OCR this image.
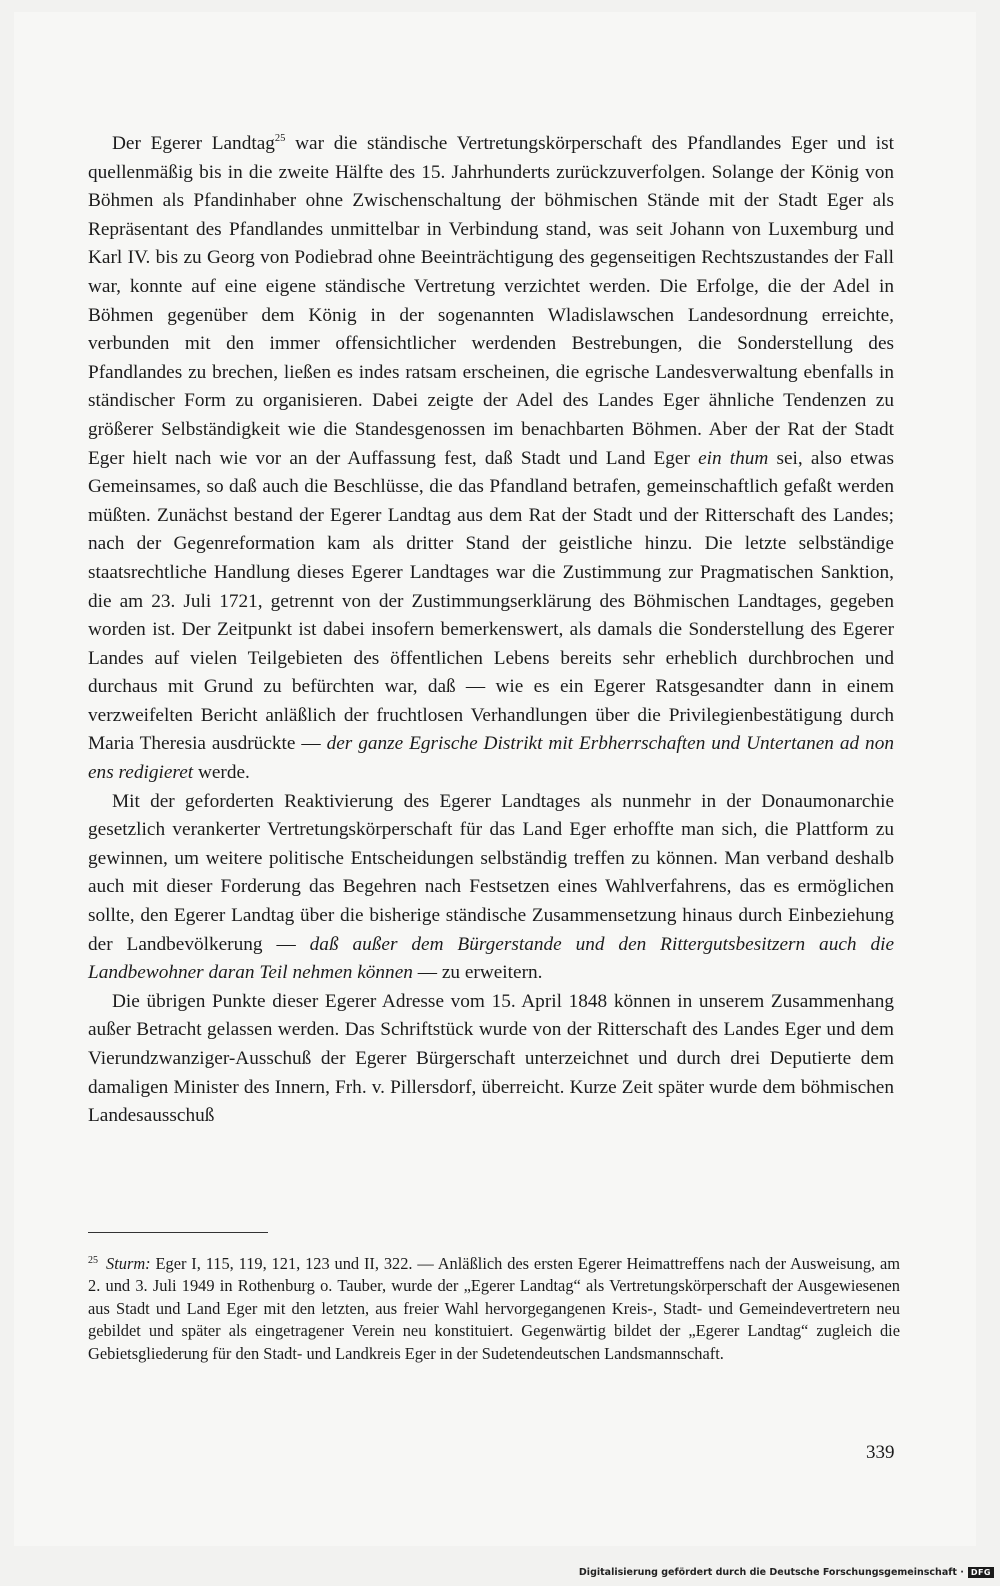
Der Egerer Landtag$^{25}$ war die ständische Vertretungskörperschaft des Pfandlandes Eger und ist quellenmäßig bis in die zweite Hälfte des 15. Jahrhunderts zurückzuverfolgen. Solange der König von Böhmen als Pfandinhaber ohne Zwischenschaltung der böhmischen Stände mit der Stadt Eger als Repräsentant des Pfandlandes unmittelbar in Verbindung stand, was seit Johann von Luxemburg und Karl IV. bis zu Georg von Podiebrad ohne Beeinträchtigung des gegenseitigen Rechtszustandes der Fall war, konnte auf eine eigene ständische Vertretung verzichtet werden. Die Erfolge, die der Adel in Böhmen gegenüber dem König in der sogenannten Wladislawschen Landesordnung erreichte, verbunden mit den immer offensichtlicher werdenden Bestrebungen, die Sonderstellung des Pfandlandes zu brechen, ließen es indes ratsam erscheinen, die egrische Landesverwaltung ebenfalls in ständischer Form zu organisieren. Dabei zeigte der Adel des Landes Eger ähnliche Tendenzen zu größerer Selbständigkeit wie die Standesgenossen im benachbarten Böhmen. Aber der Rat der Stadt Eger hielt nach wie vor an der Auffassung fest, daß Stadt und Land Eger ein thum sei, also etwas Gemeinsames, so daß auch die Beschlüsse, die das Pfandland betrafen, gemeinschaftlich gefaßt werden müßten. Zunächst bestand der Egerer Landtag aus dem Rat der Stadt und der Ritterschaft des Landes; nach der Gegenreformation kam als dritter Stand der geistliche hinzu. Die letzte selbständige staatsrechtliche Handlung dieses Egerer Landtages war die Zustimmung zur Pragmatischen Sanktion, die am 23. Juli 1721, getrennt von der Zustimmungserklärung des Böhmischen Landtages, gegeben worden ist. Der Zeitpunkt ist dabei insofern bemerkenswert, als damals die Sonderstellung des Egerer Landes auf vielen Teilgebieten des öffentlichen Lebens bereits sehr erheblich durchbrochen und durchaus mit Grund zu befürchten war, daß — wie es ein Egerer Ratsgesandter dann in einem verzweifelten Bericht anläßlich der fruchtlosen Verhandlungen über die Privilegienbestätigung durch Maria Theresia ausdrückte — der ganze Egrische Distrikt mit Erbherrschaften und Untertanen ad non ens redigieret werde.

Mit der geforderten Reaktivierung des Egerer Landtages als nunmehr in der Donaumonarchie gesetzlich verankerter Vertretungskörperschaft für das Land Eger erhoffte man sich, die Plattform zu gewinnen, um weitere politische Entscheidungen selbständig treffen zu können. Man verband deshalb auch mit dieser Forderung das Begehren nach Festsetzen eines Wahlverfahrens, das es ermöglichen sollte, den Egerer Landtag über die bisherige ständische Zusammensetzung hinaus durch Einbeziehung der Landbevölkerung — daß außer dem Bürgerstande und den Rittergutsbesitzern auch die Landbewohner daran Teil nehmen können — zu erweitern.

Die übrigen Punkte dieser Egerer Adresse vom 15. April 1848 können in unserem Zusammenhang außer Betracht gelassen werden. Das Schriftstück wurde von der Ritterschaft des Landes Eger und dem Vierundzwanziger-Ausschuß der Egerer Bürgerschaft unterzeichnet und durch drei Deputierte dem damaligen Minister des Innern, Frh. v. Pillersdorf, überreicht. Kurze Zeit später wurde dem böhmischen Landesausschuß

$^{25}$ Sturm: Eger I, 115, 119, 121, 123 und II, 322. — Anläßlich des ersten Egerer Heimattreffens nach der Ausweisung, am 2. und 3. Juli 1949 in Rothenburg o. Tauber, wurde der „Egerer Landtag“ als Vertretungskörperschaft der Ausgewiesenen aus Stadt und Land Eger mit den letzten, aus freier Wahl hervorgegangenen Kreis-, Stadt- und Gemeindevertretern neu gebildet und später als eingetragener Verein neu konstituiert. Gegenwärtig bildet der „Egerer Landtag“ zugleich die Gebietsgliederung für den Stadt- und Landkreis Eger in der Sudetendeutschen Landsmannschaft.
339
Digitalisierung gefördert durch die Deutsche Forschungsgemeinschaft · DFG
